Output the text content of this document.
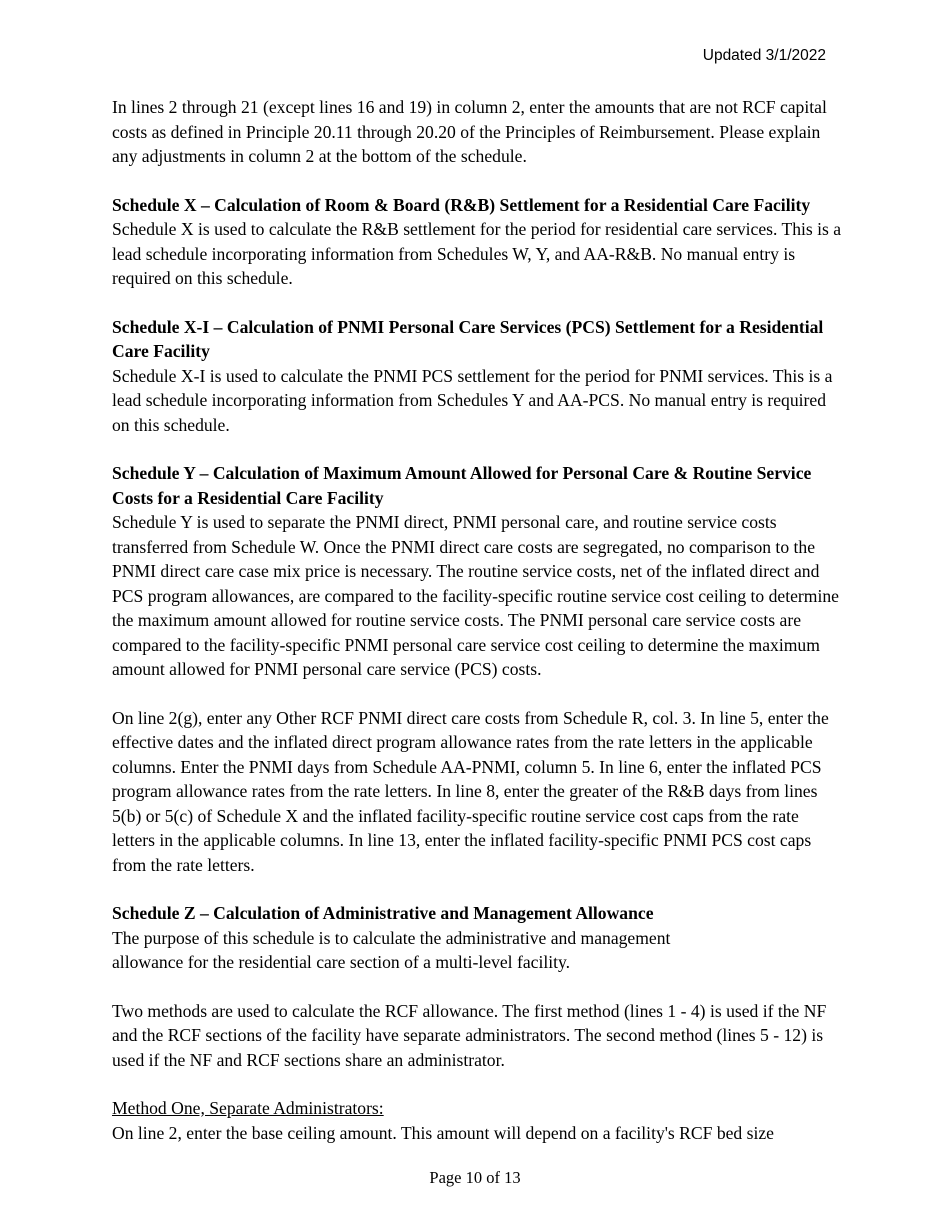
Updated 3/1/2022

In lines 2 through 21 (except lines 16 and 19) in column 2, enter the amounts that are not RCF capital costs as defined in Principle 20.11 through 20.20 of the Principles of Reimbursement. Please explain any adjustments in column 2 at the bottom of the schedule.

Schedule X – Calculation of Room & Board (R&B) Settlement for a Residential Care Facility

Schedule X is used to calculate the R&B settlement for the period for residential care services. This is a lead schedule incorporating information from Schedules W, Y, and AA-R&B. No manual entry is required on this schedule.

Schedule X-I – Calculation of PNMI Personal Care Services (PCS) Settlement for a Residential Care Facility

Schedule X-I is used to calculate the PNMI PCS settlement for the period for PNMI services. This is a lead schedule incorporating information from Schedules Y and AA-PCS. No manual entry is required on this schedule.

Schedule Y – Calculation of Maximum Amount Allowed for Personal Care & Routine Service Costs for a Residential Care Facility

Schedule Y is used to separate the PNMI direct, PNMI personal care, and routine service costs transferred from Schedule W. Once the PNMI direct care costs are segregated, no comparison to the PNMI direct care case mix price is necessary. The routine service costs, net of the inflated direct and PCS program allowances, are compared to the facility-specific routine service cost ceiling to determine the maximum amount allowed for routine service costs. The PNMI personal care service costs are compared to the facility-specific PNMI personal care service cost ceiling to determine the maximum amount allowed for PNMI personal care service (PCS) costs.

On line 2(g), enter any Other RCF PNMI direct care costs from Schedule R, col. 3. In line 5, enter the effective dates and the inflated direct program allowance rates from the rate letters in the applicable columns. Enter the PNMI days from Schedule AA-PNMI, column 5. In line 6, enter the inflated PCS program allowance rates from the rate letters. In line 8, enter the greater of the R&B days from lines 5(b) or 5(c) of Schedule X and the inflated facility-specific routine service cost caps from the rate letters in the applicable columns. In line 13, enter the inflated facility-specific PNMI PCS cost caps from the rate letters.

Schedule Z – Calculation of Administrative and Management Allowance

The purpose of this schedule is to calculate the administrative and management

allowance for the residential care section of a multi-level facility.

Two methods are used to calculate the RCF allowance. The first method (lines 1 - 4) is used if the NF and the RCF sections of the facility have separate administrators. The second method (lines 5 - 12) is used if the NF and RCF sections share an administrator.

Method One, Separate Administrators:

On line 2, enter the base ceiling amount. This amount will depend on a facility's RCF bed size

Page 10 of 13
